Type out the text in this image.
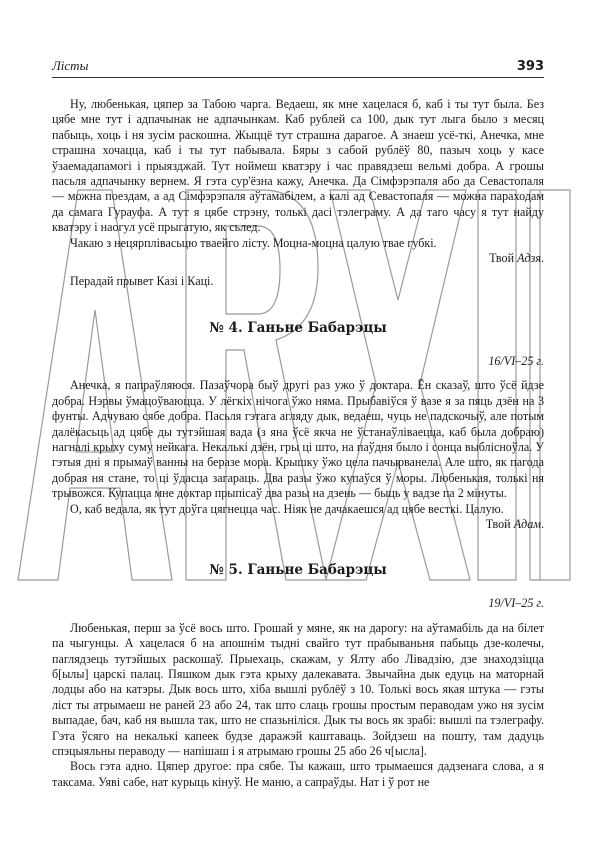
Лісты	393

Ну, любенькая, цяпер за Табою чарга. Ведаеш, як мне хацелася б, каб і ты тут была. Без цябе мне тут і адпачынак не адпачынкам. Каб рублей са 100, дык тут лыга было з месяц пабыць, хоць і ня зусім раскошна. Жыццё тут страшна дарагое. А знаеш усё-ткі, Анечка, мне страшна хочацца, каб і ты тут пабывала. Бяры з сабой рублёў 80, пазыч хоць у касе ўзаемадапамогі і прыязджай. Тут ноймеш кватэру і час правядзеш вельмі добра. А грошы пасьля адпачынку вернем. Я гэта сур'ёзна кажу, Анечка. Да Сімфэрэпаля або да Севастопаля — можна поездам, а ад Сімфэрэпаля аўтамабілем, а калі ад Севастопаля — можна параходам да самага Гурауфа. А тут я цябе стрэну, толькі дасі тэлеграму. А да таго часу я тут найду кватэру і наогул усё прыгатую, як сьлед.

Чакаю з нецярплівасьцю тваейго лісту. Моцна-моцна цалую твае губкі.

Твой Адзя.

Перадай прывет Казі і Каці.

№ 4. Ганьне Бабарэцы

16/VI–25 г.

Анечка, я папраўляюся. Пазаўчора быў другі раз ужо ў доктара. Ён сказаў, што ўсё йдзе добра. Нэрвы ўмацоўваюцца. У лёгкіх нічога ўжо няма. Прыбавіўся ў вазе я за пяць дзён на 3 фунты. Адчуваю сябе добра. Пасьля гэтага агляду дык, ведаеш, чуць не падскочыў, але потым далёкасьць ад цябе ды тутэйшая вада (з яна ўсё якча не ўстанаўліваецца, каб была добраю) нагналі крыху суму нейкага. Некалькі дзён, гры ці што, на паўдня было і сонца выблісноўла. У гэтыя дні я прымаў ванны на беразе мора. Крышку ўжо цела пачырванела. Але што, як пагода добрая ня стане, то ці ўдасца загараць. Два разы ўжо купаўся ў моры. Любенькая, толькі ня трывожся. Купацца мне доктар прыпісаў два разы на дзень — быць у вадзе па 2 мінуты.

О, каб ведала, як тут доўга цягнецца час. Ніяк не дачакаешся ад цябе весткі. Цалую.

Твой Адам.

№ 5. Ганьне Бабарэцы

19/VI–25 г.

Любенькая, перш за ўсё вось што. Грошай у мяне, як на дарогу: на аўтамабіль да на білет па чыгунцы. А хацелася б на апошнім тыдні свайго тут прабываньня пабыць дзе-колечы, паглядзець тутэйшых раскошаў. Прыехаць, скажам, у Ялту або Лівадзію, дзе знаходзіцца б[ылы] царскі палац. Пяшком дык гэта крыху далекавата. Звычайна дык едуць на маторнай лодцы або на катэры. Дык вось што, хіба вышлі рублёў з 10. Толькі вось якая штука — гэты ліст ты атрымаеш не раней 23 або 24, так што слаць грошы простым пераводам ужо ня зусім выпадае, бач, каб ня вышла так, што не спазьніліся. Дык ты вось як зрабі: вышлі па тэлеграфу. Гэта ўсяго на некалькі капеек будзе даражэй каштаваць. Зойдзеш на пошту, там дадуць спэцыяльны пераводу — напішаш і я атрымаю грошы 25 або 26 ч[ысла].

Вось гэта адно. Цяпер другое: пра сябе. Ты кажаш, што трымаешся дадзенага слова, а я таксама. Уяві сабе, нат курыць кінуў. Не маню, а сапраўды. Нат і ў рот не
